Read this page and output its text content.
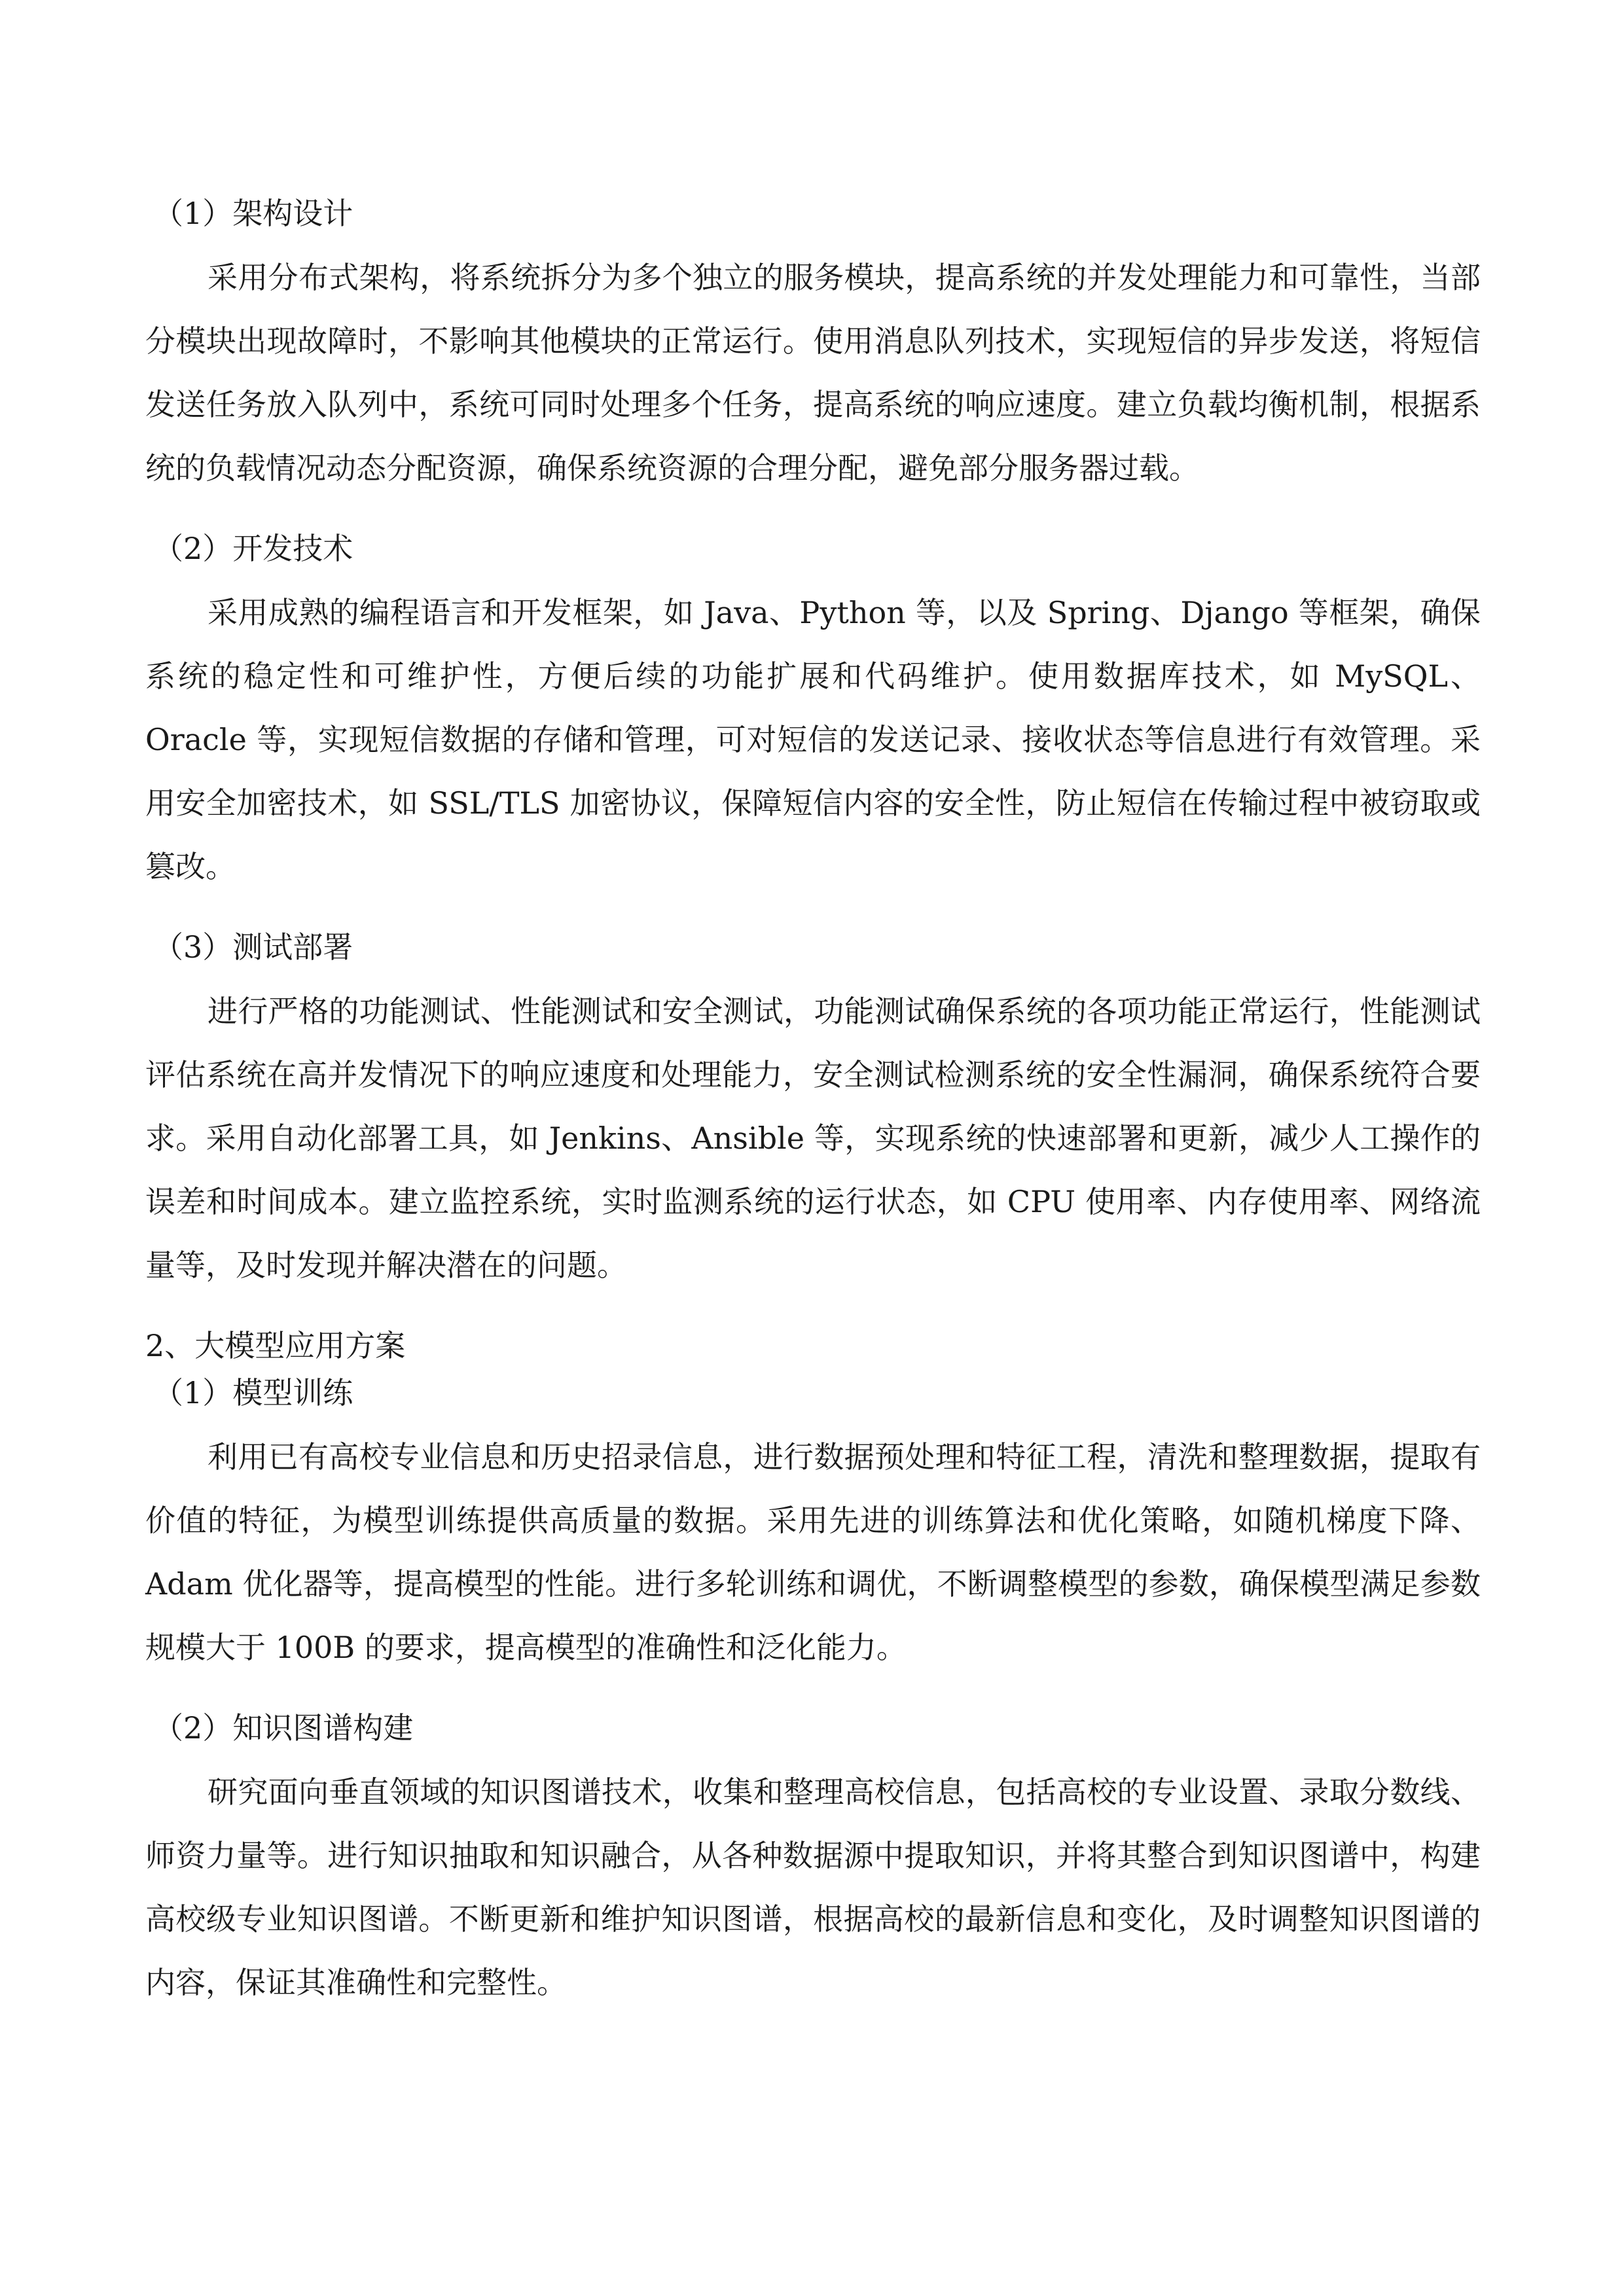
（1）架构设计

采用分布式架构，将系统拆分为多个独立的服务模块，提高系统的并发处理能力和可靠性，当部分模块出现故障时，不影响其他模块的正常运行。使用消息队列技术，实现短信的异步发送，将短信发送任务放入队列中，系统可同时处理多个任务，提高系统的响应速度。建立负载均衡机制，根据系统的负载情况动态分配资源，确保系统资源的合理分配，避免部分服务器过载。

（2）开发技术

采用成熟的编程语言和开发框架，如 Java、Python 等，以及 Spring、Django 等框架，确保系统的稳定性和可维护性，方便后续的功能扩展和代码维护。使用数据库技术，如 MySQL、Oracle 等，实现短信数据的存储和管理，可对短信的发送记录、接收状态等信息进行有效管理。采用安全加密技术，如 SSL/TLS 加密协议，保障短信内容的安全性，防止短信在传输过程中被窃取或篡改。

（3）测试部署

进行严格的功能测试、性能测试和安全测试，功能测试确保系统的各项功能正常运行，性能测试评估系统在高并发情况下的响应速度和处理能力，安全测试检测系统的安全性漏洞，确保系统符合要求。采用自动化部署工具，如 Jenkins、Ansible 等，实现系统的快速部署和更新，减少人工操作的误差和时间成本。建立监控系统，实时监测系统的运行状态，如 CPU 使用率、内存使用率、网络流量等，及时发现并解决潜在的问题。

2、大模型应用方案

（1）模型训练

利用已有高校专业信息和历史招录信息，进行数据预处理和特征工程，清洗和整理数据，提取有价值的特征，为模型训练提供高质量的数据。采用先进的训练算法和优化策略，如随机梯度下降、Adam 优化器等，提高模型的性能。进行多轮训练和调优，不断调整模型的参数，确保模型满足参数规模大于 100B 的要求，提高模型的准确性和泛化能力。

（2）知识图谱构建

研究面向垂直领域的知识图谱技术，收集和整理高校信息，包括高校的专业设置、录取分数线、师资力量等。进行知识抽取和知识融合，从各种数据源中提取知识，并将其整合到知识图谱中，构建高校级专业知识图谱。不断更新和维护知识图谱，根据高校的最新信息和变化，及时调整知识图谱的内容，保证其准确性和完整性。
